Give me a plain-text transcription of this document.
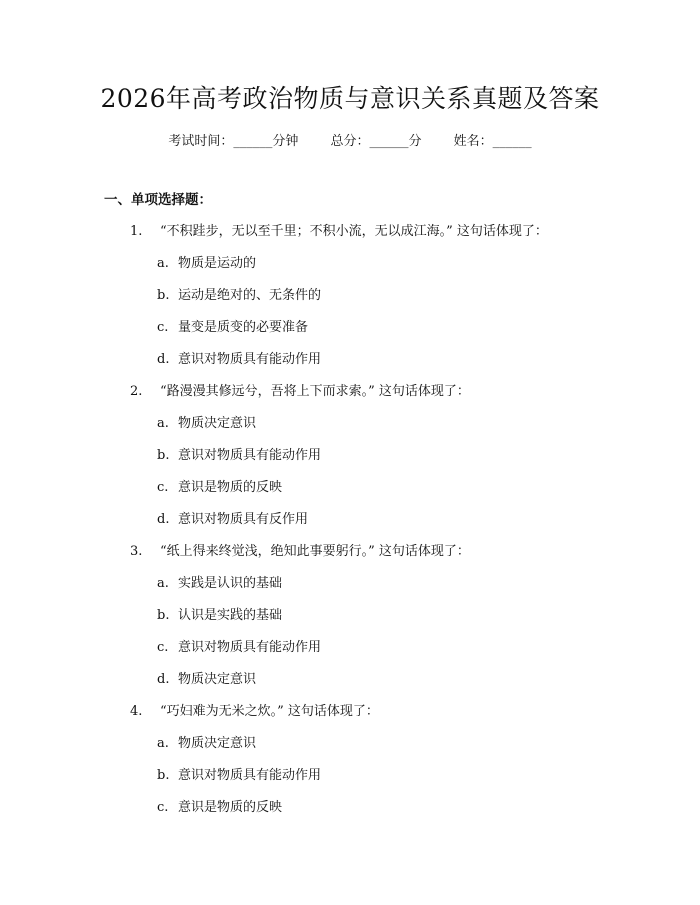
2026年高考政治物质与意识关系真题及答案
考试时间：______分钟 总分：______分 姓名：______
一、单项选择题：
1. “不积跬步，无以至千里；不积小流，无以成江海。” 这句话体现了：
a. 物质是运动的
b. 运动是绝对的、无条件的
c. 量变是质变的必要准备
d. 意识对物质具有能动作用
2. “路漫漫其修远兮，吾将上下而求索。” 这句话体现了：
a. 物质决定意识
b. 意识对物质具有能动作用
c. 意识是物质的反映
d. 意识对物质具有反作用
3. “纸上得来终觉浅，绝知此事要躬行。” 这句话体现了：
a. 实践是认识的基础
b. 认识是实践的基础
c. 意识对物质具有能动作用
d. 物质决定意识
4. “巧妇难为无米之炊。” 这句话体现了：
a. 物质决定意识
b. 意识对物质具有能动作用
c. 意识是物质的反映
